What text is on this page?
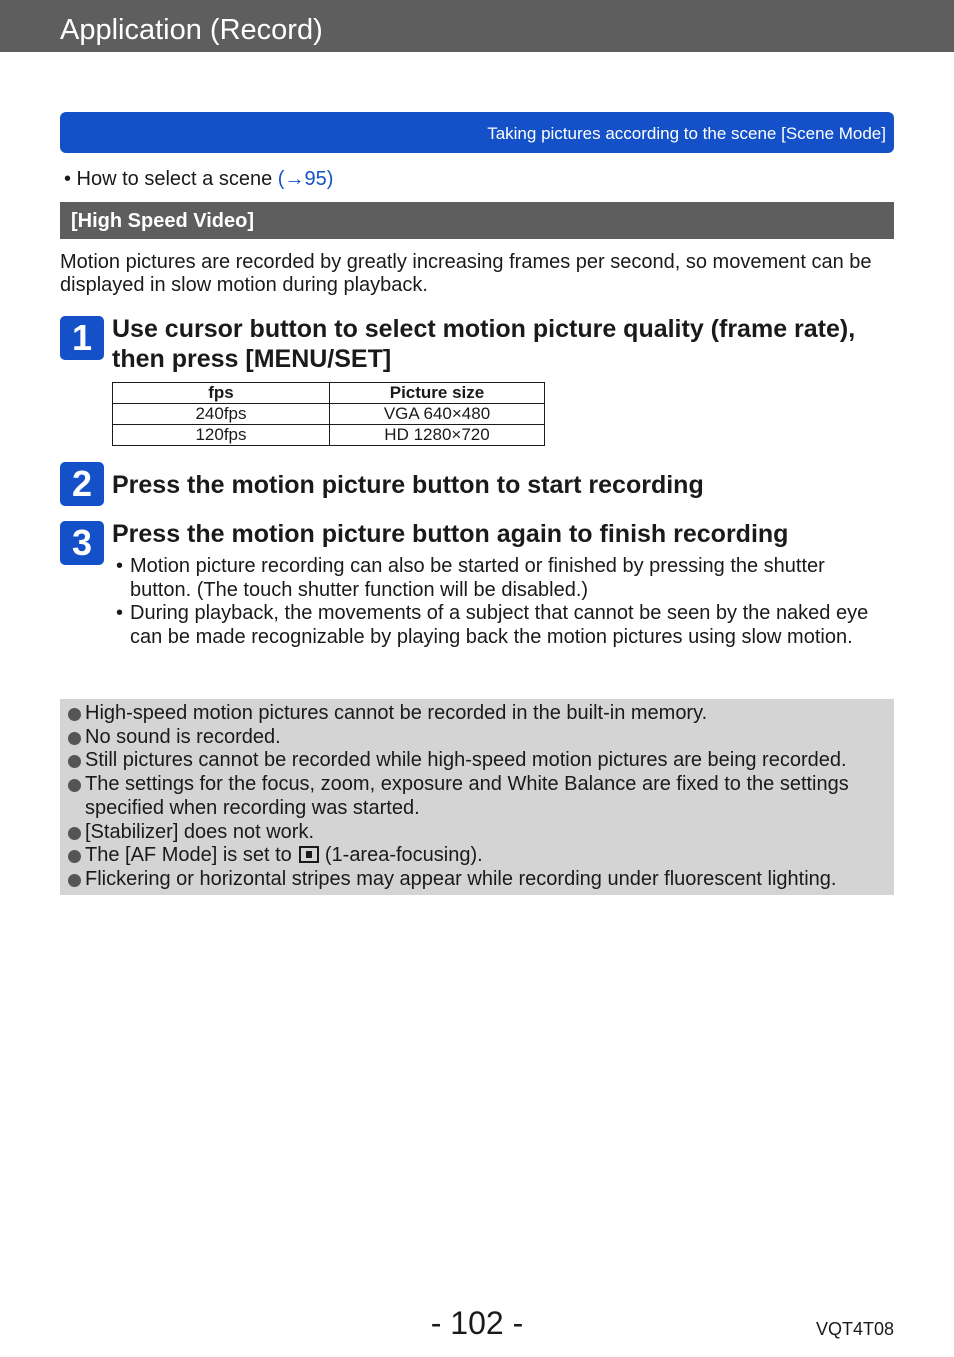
Application (Record)
Taking pictures according to the scene [Scene Mode]
• How to select a scene (→95)
[High Speed Video]
Motion pictures are recorded by greatly increasing frames per second, so movement can be displayed in slow motion during playback.
1 Use cursor button to select motion picture quality (frame rate), then press [MENU/SET]
fps	Picture size
240fps	VGA 640×480
120fps	HD 1280×720
2 Press the motion picture button to start recording
3 Press the motion picture button again to finish recording
• Motion picture recording can also be started or finished by pressing the shutter button. (The touch shutter function will be disabled.)
• During playback, the movements of a subject that cannot be seen by the naked eye can be made recognizable by playing back the motion pictures using slow motion.
High-speed motion pictures cannot be recorded in the built-in memory.
No sound is recorded.
Still pictures cannot be recorded while high-speed motion pictures are being recorded.
The settings for the focus, zoom, exposure and White Balance are fixed to the settings specified when recording was started.
[Stabilizer] does not work.
The [AF Mode] is set to  (1-area-focusing).
Flickering or horizontal stripes may appear while recording under fluorescent lighting.
- 102 -	VQT4T08
